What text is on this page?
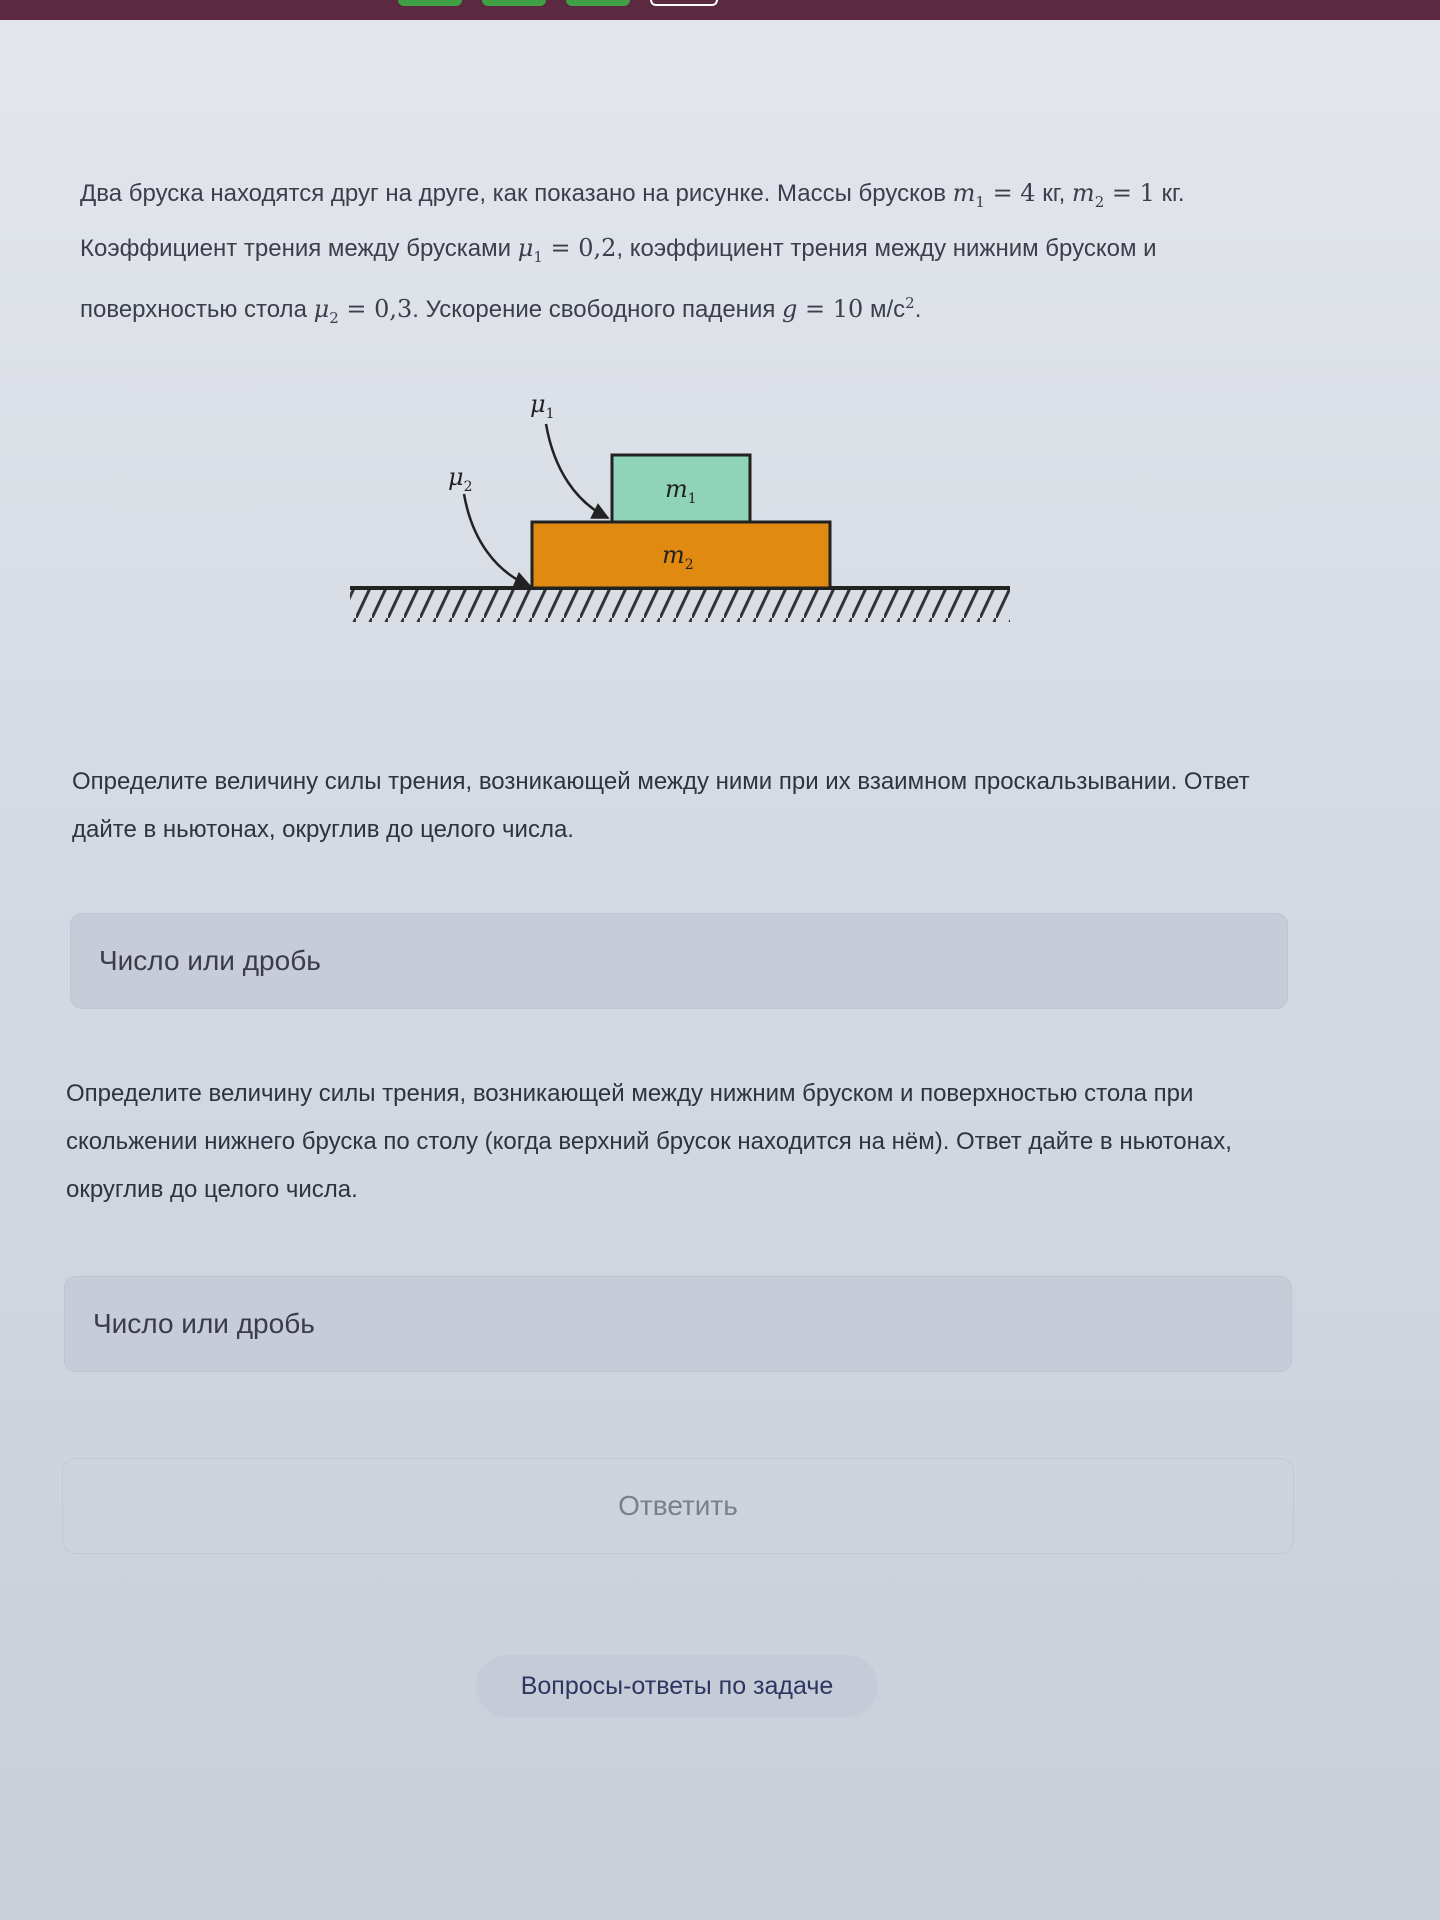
Два бруска находятся друг на друге, как показано на рисунке. Массы брусков $m_1 = 4$ кг, $m_2 = 1$ кг. Коэффициент трения между брусками $\mu_1 = 0,2$, коэффициент трения между нижним бруском и поверхностью стола $\mu_2 = 0,3$. Ускорение свободного падения g = 10 $м/с^2$.
$m_1$
$m_2$
$\mu_1$
$\mu_2$
Определите величину силы трения, возникающей между ними при их взаимном проскальзывании. Ответ дайте в ньютонах, округлив до целого числа.
Число или дробь
Определите величину силы трения, возникающей между нижним бруском и поверхностью стола при скольжении нижнего бруска по столу (когда верхний брусок находится на нём). Ответ дайте в ньютонах, округлив до целого числа.
Число или дробь
Ответить
Вопросы-ответы по задаче
